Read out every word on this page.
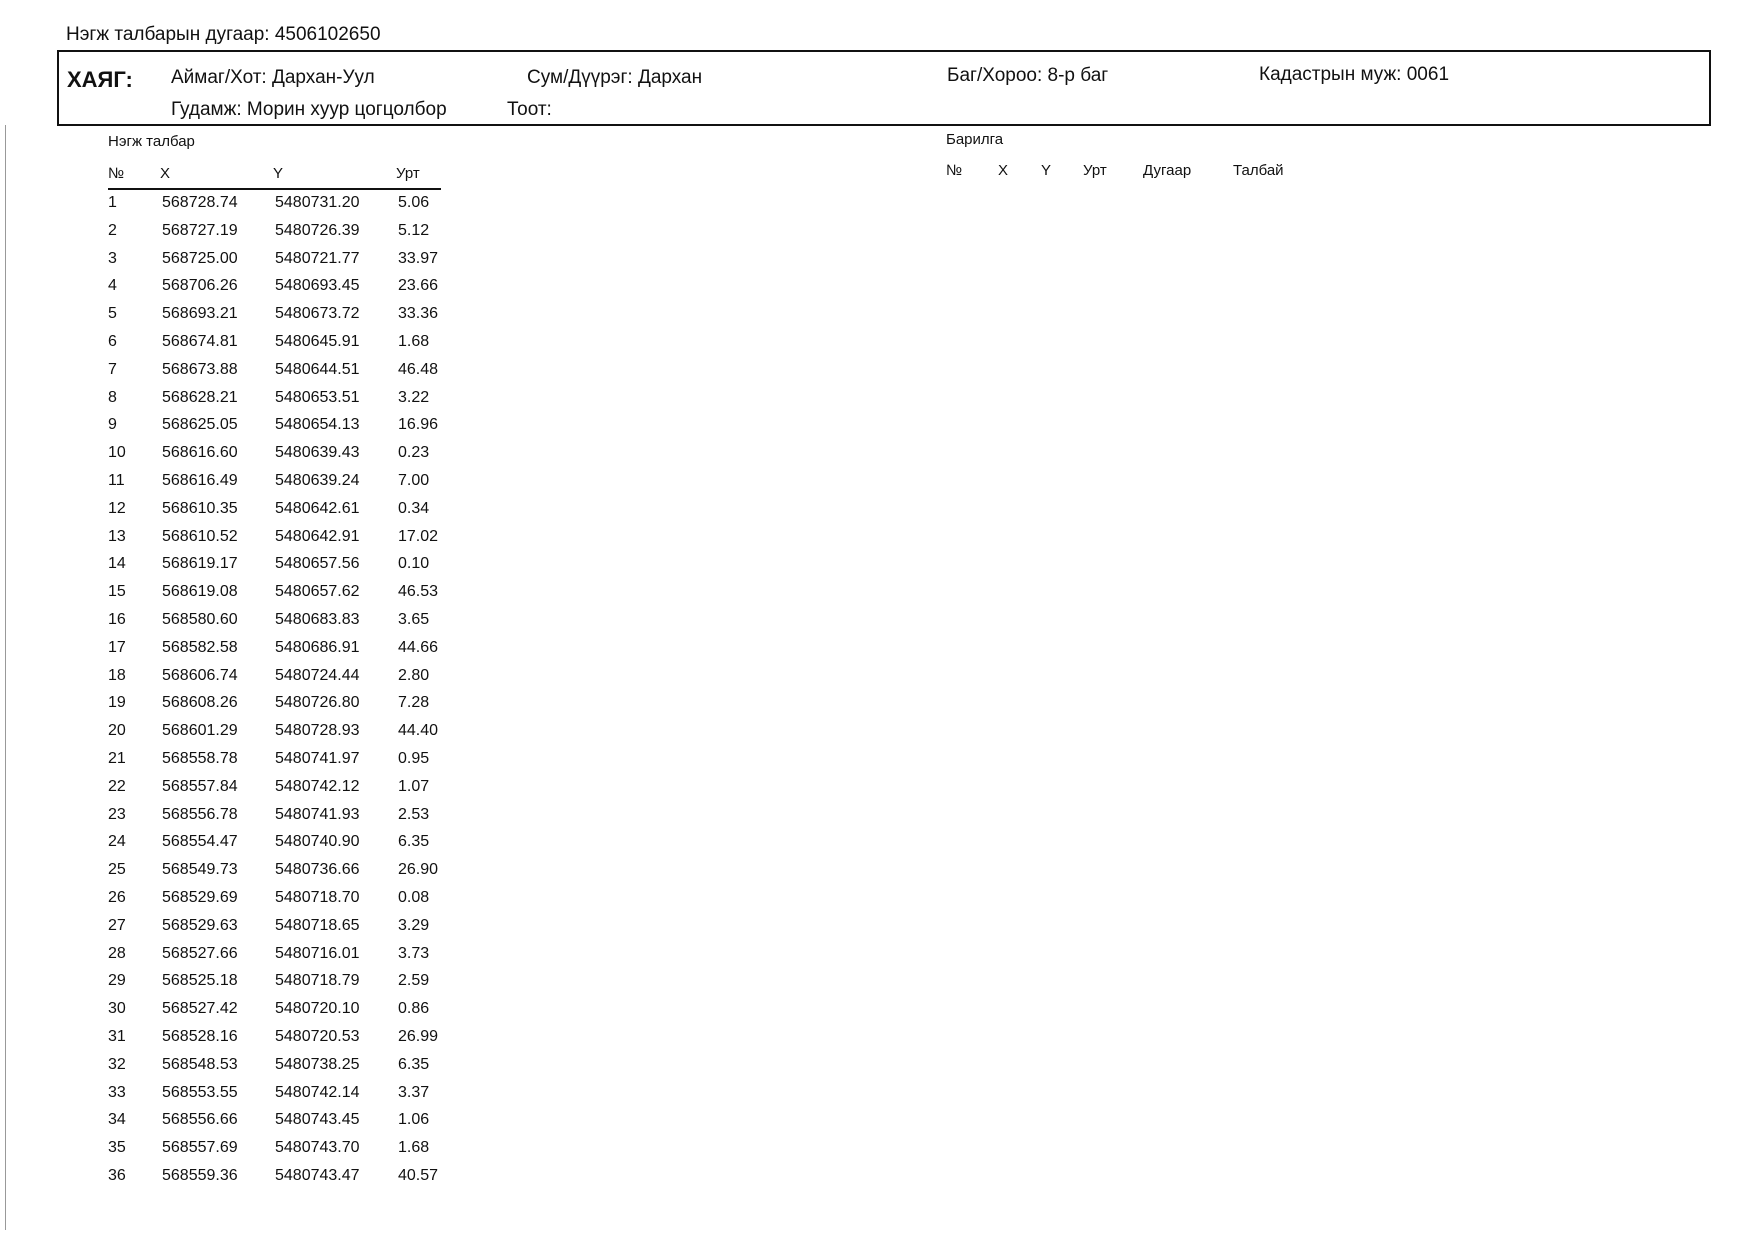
Нэгж талбарын дугаар: 4506102650
ХАЯГ: Аймаг/Хот: Дархан-Уул	Сум/Дүүрэг: Дархан	Баг/Хороо: 8-р баг	Кадастрын муж: 0061
Гудамж: Морин хуур цогцолбор	Тоот:
Нэгж талбар
№ X	Y	Урт
1	568728.74 5480731.20 5.06
2	568727.19 5480726.39 5.12
3	568725.00 5480721.77 33.97
4	568706.26 5480693.45 23.66
5	568693.21 5480673.72 33.36
6	568674.81 5480645.91 1.68
7	568673.88 5480644.51 46.48
8	568628.21 5480653.51 3.22
9	568625.05 5480654.13 16.96
10 568616.60 5480639.43 0.23
11 568616.49 5480639.24 7.00
12 568610.35 5480642.61 0.34
13 568610.52 5480642.91 17.02
14 568619.17 5480657.56 0.10
15 568619.08 5480657.62 46.53
16 568580.60 5480683.83 3.65
17 568582.58 5480686.91 44.66
18 568606.74 5480724.44 2.80
19 568608.26 5480726.80 7.28
20 568601.29 5480728.93 44.40
21 568558.78 5480741.97 0.95
22 568557.84 5480742.12 1.07
23 568556.78 5480741.93 2.53
24 568554.47 5480740.90 6.35
25 568549.73 5480736.66 26.90
26 568529.69 5480718.70 0.08
27 568529.63 5480718.65 3.29
28 568527.66 5480716.01 3.73
29 568525.18 5480718.79 2.59
30 568527.42 5480720.10 0.86
31 568528.16 5480720.53 26.99
32 568548.53 5480738.25 6.35
33 568553.55 5480742.14 3.37
34 568556.66 5480743.45 1.06
35 568557.69 5480743.70 1.68
36 568559.36 5480743.47 40.57
Барилга
№ X Y Урт Дугаар	Талбай
